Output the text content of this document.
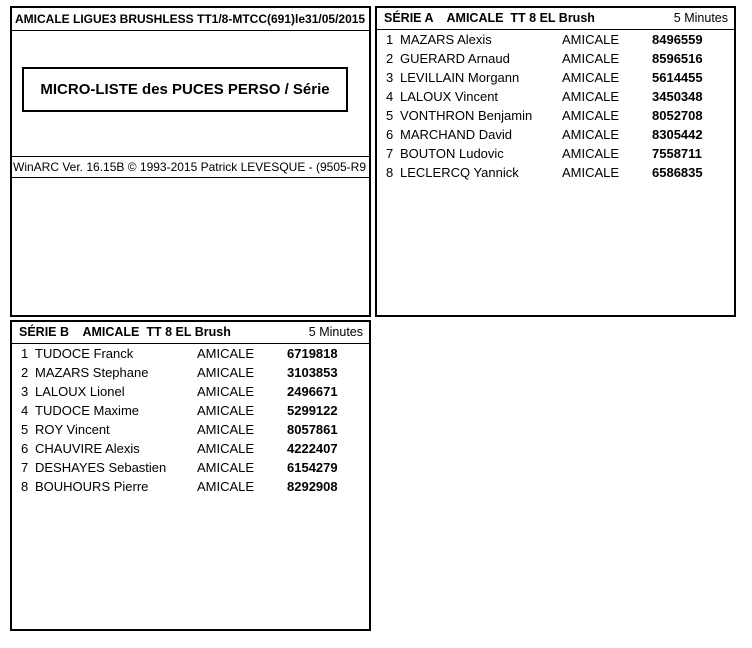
AMICALE LIGUE3 BRUSHLESS TT1/8-MTCC(691)le31/05/2015
MICRO-LISTE des PUCES PERSO / Série
WinARC Ver. 16.15B © 1993-2015 Patrick LEVESQUE - (9505-R9
SÉRIE A    AMICALE  TT 8 EL Brush	5 Minutes
1 MAZARS Alexis	AMICALE	8496559
2 GUERARD Arnaud	AMICALE	8596516
3 LEVILLAIN Morgann	AMICALE	5614455
4 LALOUX Vincent	AMICALE	3450348
5 VONTHRON Benjamin AMICALE	8052708
6 MARCHAND David	AMICALE	8305442
7 BOUTON Ludovic	AMICALE	7558711
8 LECLERCQ Yannick	AMICALE	6586835
SÉRIE B    AMICALE  TT 8 EL Brush	5 Minutes
1 TUDOCE Franck	AMICALE	6719818
2 MAZARS Stephane	AMICALE	3103853
3 LALOUX Lionel	AMICALE	2496671
4 TUDOCE Maxime	AMICALE	5299122
5 ROY Vincent	AMICALE	8057861
6 CHAUVIRE Alexis	AMICALE	4222407
7 DESHAYES Sebastien AMICALE	6154279
8 BOUHOURS Pierre	AMICALE	8292908
